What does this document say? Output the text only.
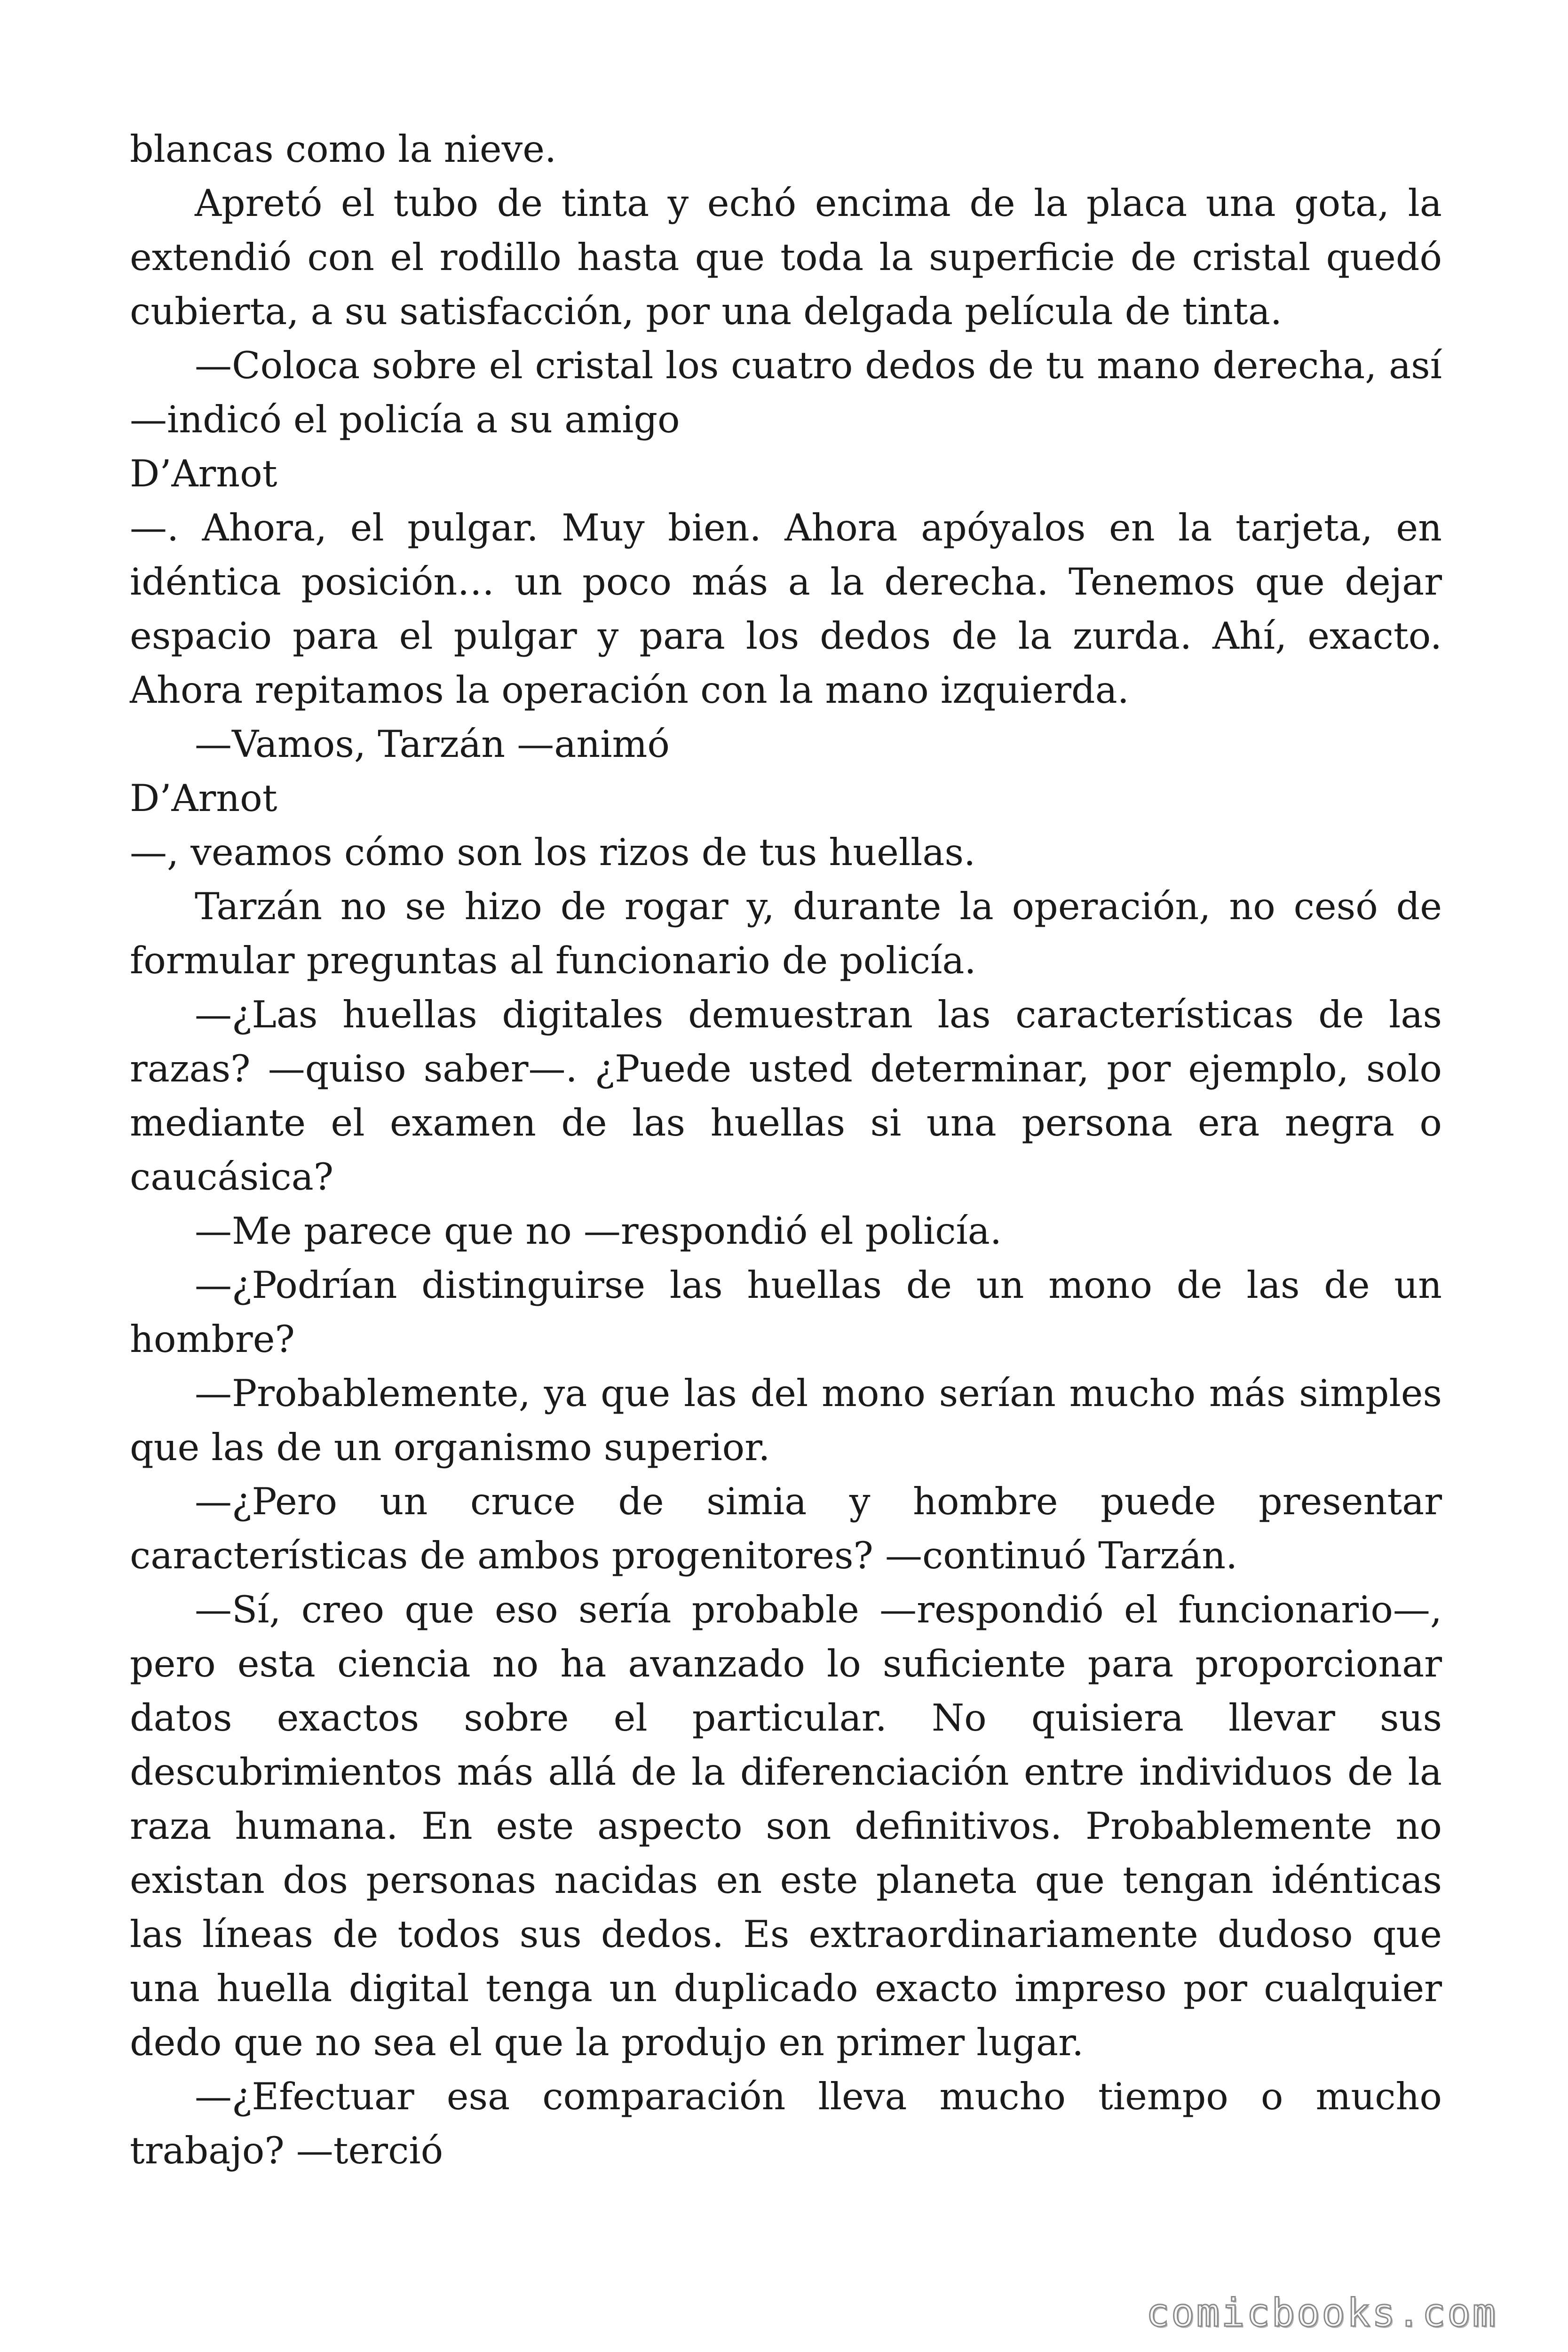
blancas como la nieve.

Apretó el tubo de tinta y echó encima de la placa una gota, la extendió con el rodillo hasta que toda la superficie de cristal quedó cubierta, a su satisfacción, por una delgada película de tinta.

—Coloca sobre el cristal los cuatro dedos de tu mano derecha, así —indicó el policía a su amigo

D’Arnot

—. Ahora, el pulgar. Muy bien. Ahora apóyalos en la tarjeta, en idéntica posición… un poco más a la derecha. Tenemos que dejar espacio para el pulgar y para los dedos de la zurda. Ahí, exacto. Ahora repitamos la operación con la mano izquierda.

—Vamos, Tarzán —animó

D’Arnot

—, veamos cómo son los rizos de tus huellas.

Tarzán no se hizo de rogar y, durante la operación, no cesó de formular preguntas al funcionario de policía.

—¿Las huellas digitales demuestran las características de las razas? —quiso saber—. ¿Puede usted determinar, por ejemplo, solo mediante el examen de las huellas si una persona era negra o caucásica?

—Me parece que no —respondió el policía.

—¿Podrían distinguirse las huellas de un mono de las de un hombre?

—Probablemente, ya que las del mono serían mucho más simples que las de un organismo superior.

—¿Pero un cruce de simia y hombre puede presentar características de ambos progenitores? —continuó Tarzán.

—Sí, creo que eso sería probable —respondió el funcionario—, pero esta ciencia no ha avanzado lo suficiente para proporcionar datos exactos sobre el particular. No quisiera llevar sus descubrimientos más allá de la diferenciación entre individuos de la raza humana. En este aspecto son definitivos. Probablemente no existan dos personas nacidas en este planeta que tengan idénticas las líneas de todos sus dedos. Es extraordinariamente dudoso que una huella digital tenga un duplicado exacto impreso por cualquier dedo que no sea el que la produjo en primer lugar.

—¿Efectuar esa comparación lleva mucho tiempo o mucho trabajo? —terció

comicbooks.com
